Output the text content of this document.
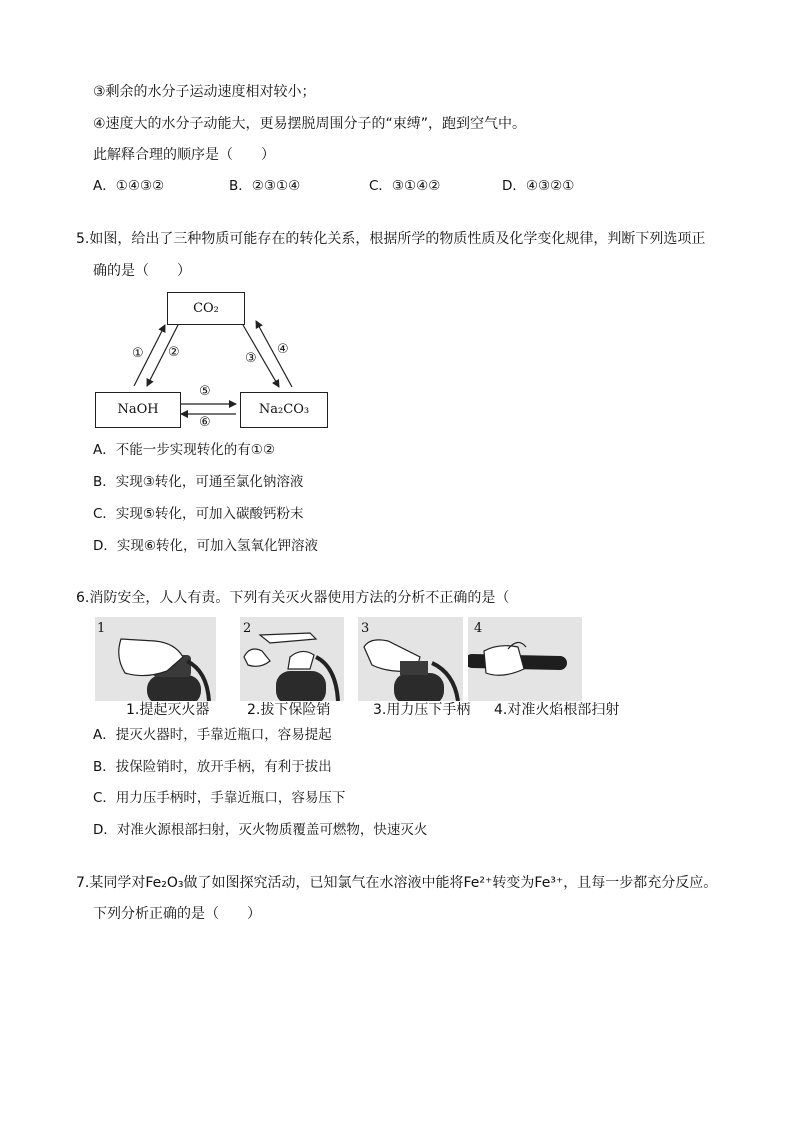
③剩余的水分子运动速度相对较小；
④速度大的水分子动能大，更易摆脱周围分子的“束缚”，跑到空气中。
此解释合理的顺序是（　　）
A．①④③②	B．②③①④	C．③①④②	D．④③②①
5.如图，给出了三种物质可能存在的转化关系，根据所学的物质性质及化学变化规律，判断下列选项正
确的是（　　）
CO₂
NaOH	Na₂CO₃
① ②	③
④
⑤
⑥
A．不能一步实现转化的有①②
B．实现③转化，可通至氯化钠溶液
C．实现⑤转化，可加入碳酸钙粉末
D．实现⑥转化，可加入氢氧化钾溶液
6.消防安全，人人有责。下列有关灭火器使用方法的分析不正确的是（
1	2	3	4
1.提起灭火器	2.拔下保险销	3.用力压下手柄 4.对准火焰根部扫射
A．提灭火器时，手靠近瓶口，容易提起
B．拔保险销时，放开手柄，有利于拔出
C．用力压手柄时，手靠近瓶口，容易压下
D．对准火源根部扫射，灭火物质覆盖可燃物，快速灭火
7.某同学对Fe₂O₃做了如图探究活动，已知氯气在水溶液中能将Fe²⁺转变为Fe³⁺，且每一步都充分反应。
下列分析正确的是（　　）
